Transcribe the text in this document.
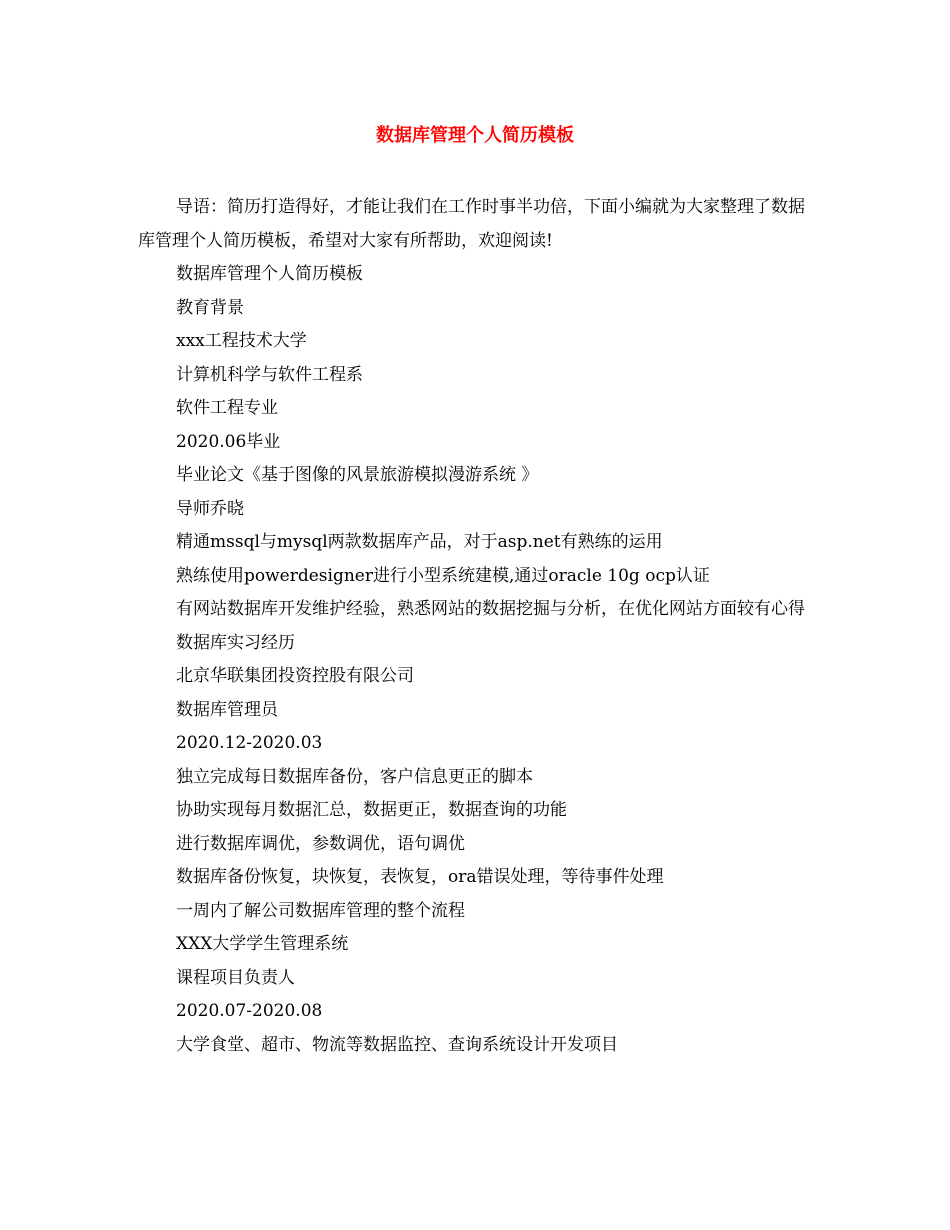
数据库管理个人简历模板

导语：简历打造得好，才能让我们在工作时事半功倍，下面小编就为大家整理了数据库管理个人简历模板，希望对大家有所帮助，欢迎阅读!

数据库管理个人简历模板

教育背景

xxx工程技术大学

计算机科学与软件工程系

软件工程专业

2020.06毕业

毕业论文《基于图像的风景旅游模拟漫游系统 》

导师乔晓

精通mssql与mysql两款数据库产品，对于asp.net有熟练的运用

熟练使用powerdesigner进行小型系统建模,通过oracle 10g ocp认证

有网站数据库开发维护经验，熟悉网站的数据挖掘与分析，在优化网站方面较有心得

数据库实习经历

北京华联集团投资控股有限公司

数据库管理员

2020.12-2020.03

独立完成每日数据库备份，客户信息更正的脚本

协助实现每月数据汇总，数据更正，数据查询的功能

进行数据库调优，参数调优，语句调优

数据库备份恢复，块恢复，表恢复，ora错误处理，等待事件处理

一周内了解公司数据库管理的整个流程

XXX大学学生管理系统

课程项目负责人

2020.07-2020.08

大学食堂、超市、物流等数据监控、查询系统设计开发项目
